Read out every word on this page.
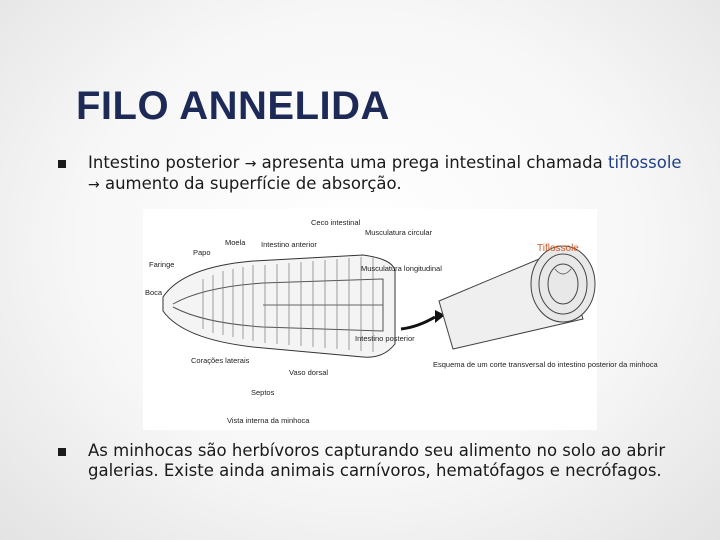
FILO ANNELIDA
Intestino posterior → apresenta uma prega intestinal chamada tiflossole → aumento da superfície de absorção.
Ceco intestinal
Moela
Papo
Intestino anterior
Musculatura circular
Musculatura longitudinal
Faringe
Boca
Corações laterais
Vaso dorsal
Septos
Intestino posterior
Tiflossole
Esquema de um corte transversal do intestino posterior da minhoca
Vista interna da minhoca
As minhocas são herbívoros capturando seu alimento no solo ao abrir galerias. Existe ainda animais carnívoros, hematófagos e necrófagos.
